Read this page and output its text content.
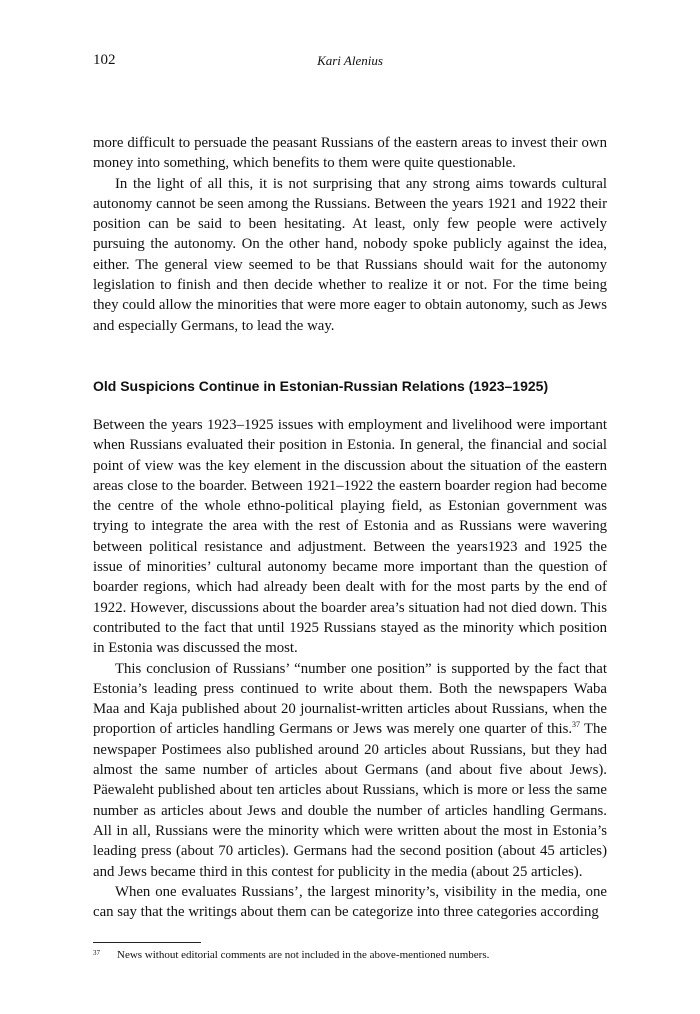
102	Kari Alenius

more difficult to persuade the peasant Russians of the eastern areas to invest their own money into something, which benefits to them were quite questionable.

In the light of all this, it is not surprising that any strong aims towards cultural autonomy cannot be seen among the Russians. Between the years 1921 and 1922 their position can be said to been hesitating. At least, only few people were actively pursuing the autonomy. On the other hand, nobody spoke publicly against the idea, either. The general view seemed to be that Russians should wait for the autonomy legislation to finish and then decide whether to realize it or not. For the time being they could allow the minorities that were more eager to obtain autonomy, such as Jews and especially Germans, to lead the way.

Old Suspicions Continue in Estonian-Russian Relations (1923–1925)

Between the years 1923–1925 issues with employment and livelihood were important when Russians evaluated their position in Estonia. In general, the financial and social point of view was the key element in the discussion about the situation of the eastern areas close to the boarder. Between 1921–1922 the eastern boarder region had become the centre of the whole ethno-political playing field, as Estonian government was trying to integrate the area with the rest of Estonia and as Russians were wavering between political resistance and adjustment. Between the years1923 and 1925 the issue of minorities’ cultural autonomy became more important than the question of boarder regions, which had already been dealt with for the most parts by the end of 1922. However, discussions about the boarder area’s situation had not died down. This contributed to the fact that until 1925 Russians stayed as the minority which position in Estonia was discussed the most.

This conclusion of Russians’ “number one position” is supported by the fact that Estonia’s leading press continued to write about them. Both the newspapers Waba Maa and Kaja published about 20 journalist-written articles about Russians, when the proportion of articles handling Germans or Jews was merely one quarter of this.$^{37}$ The newspaper Postimees also published around 20 articles about Russians, but they had almost the same number of articles about Germans (and about five about Jews). Päewaleht published about ten articles about Russians, which is more or less the same number as articles about Jews and double the number of articles handling Germans. All in all, Russians were the minority which were written about the most in Estonia’s leading press (about 70 articles). Germans had the second position (about 45 articles) and Jews became third in this contest for publicity in the media (about 25 articles).

When one evaluates Russians’, the largest minority’s, visibility in the media, one can say that the writings about them can be categorize into three categories according

37	News without editorial comments are not included in the above-mentioned numbers.
